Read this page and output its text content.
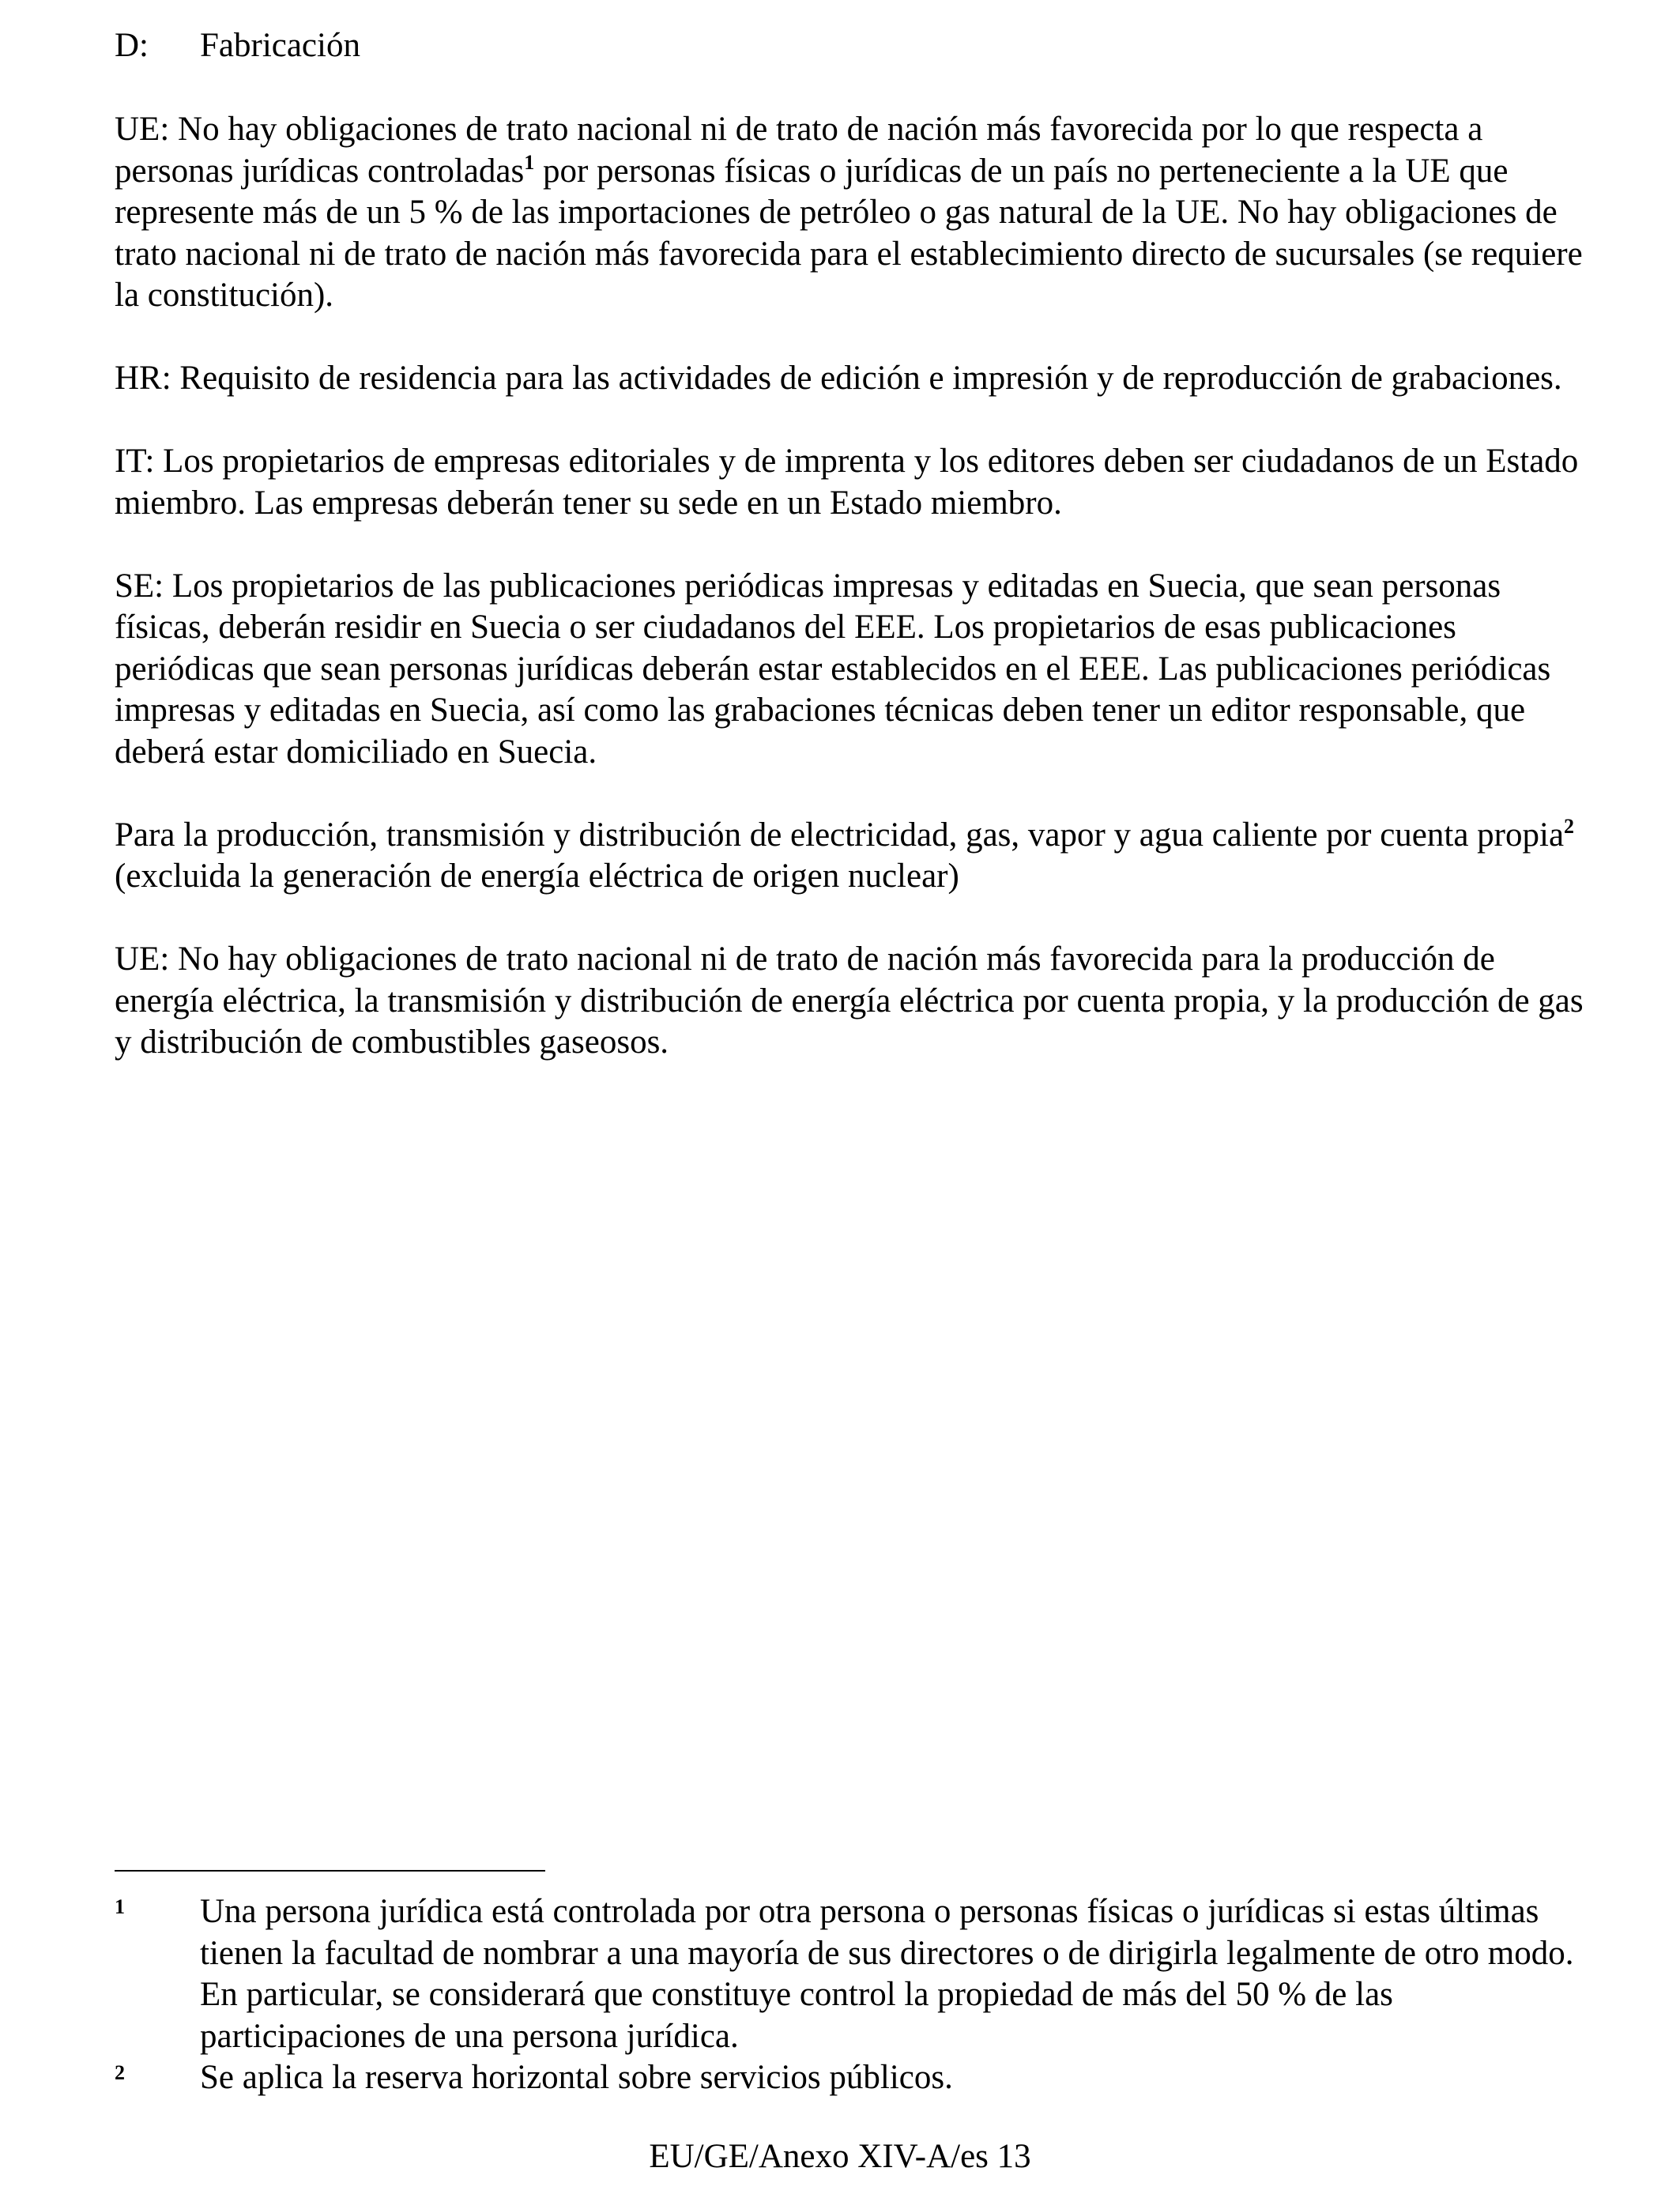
D: Fabricación

UE: No hay obligaciones de trato nacional ni de trato de nación más favorecida por lo que respecta a personas jurídicas controladas$^1$ por personas físicas o jurídicas de un país no perteneciente a la UE que represente más de un 5 % de las importaciones de petróleo o gas natural de la UE. No hay obligaciones de trato nacional ni de trato de nación más favorecida para el establecimiento directo de sucursales (se requiere la constitución).

HR: Requisito de residencia para las actividades de edición e impresión y de reproducción de grabaciones.

IT: Los propietarios de empresas editoriales y de imprenta y los editores deben ser ciudadanos de un Estado miembro. Las empresas deberán tener su sede en un Estado miembro.

SE: Los propietarios de las publicaciones periódicas impresas y editadas en Suecia, que sean personas físicas, deberán residir en Suecia o ser ciudadanos del EEE. Los propietarios de esas publicaciones periódicas que sean personas jurídicas deberán estar establecidos en el EEE. Las publicaciones periódicas impresas y editadas en Suecia, así como las grabaciones técnicas deben tener un editor responsable, que deberá estar domiciliado en Suecia.

Para la producción, transmisión y distribución de electricidad, gas, vapor y agua caliente por cuenta propia$^2$ (excluida la generación de energía eléctrica de origen nuclear)

UE: No hay obligaciones de trato nacional ni de trato de nación más favorecida para la producción de energía eléctrica, la transmisión y distribución de energía eléctrica por cuenta propia, y la producción de gas y distribución de combustibles gaseosos.

1	Una persona jurídica está controlada por otra persona o personas físicas o jurídicas si estas últimas tienen la facultad de nombrar a una mayoría de sus directores o de dirigirla legalmente de otro modo. En particular, se considerará que constituye control la propiedad de más del 50 % de las participaciones de una persona jurídica.
2	Se aplica la reserva horizontal sobre servicios públicos.
EU/GE/Anexo XIV-A/es 13
